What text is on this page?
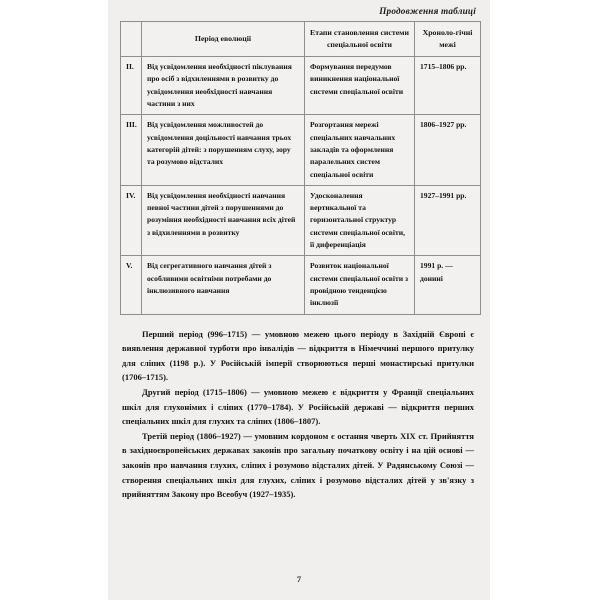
Продовження таблиці
	Період еволюції	Етапи становлення системи спеціальної освіти	Хроноло-гічні межі
II.	Від усвідомлення необхідності піклування про осіб з відхиленнями в розвитку до усвідомлення необхідності навчання частини з них	Формування передумов виникнення національної системи спеціальної освіти	1715–1806 рр.
III.	Від усвідомлення можливостей до усвідомлення доцільності навчання трьох категорій дітей: з порушенням слуху, зору та розумово відсталих	Розгортання мережі спеціальних навчальних закладів та оформлення паралельних систем спеціальної освіти	1806–1927 рр.
IV.	Від усвідомлення необхідності навчання певної частини дітей з порушеннями до розуміння необхідності навчання всіх дітей з відхиленнями в розвитку	Удосконалення вертикальної та горизонтальної структур системи спеціальної освіти, її диференціація	1927–1991 рр.
V.	Від сегрегативного навчання дітей з особливими освітніми потребами до інклюзивного навчання	Розвиток національної системи спеціальної освіти з провідною тенденцією інклюзії	1991 р. — донині

Перший період (996–1715) — умовною межею цього періоду в Західній Європі є виявлення державної турботи про інвалідів — відкриття в Німеччині першого притулку для сліпих (1198 р.). У Російській імперії створюються перші монастирські притулки (1706–1715).

Другий період (1715–1806) — умовною межею є відкриття у Франції спеціальних шкіл для глухонімих і сліпих (1770–1784). У Російській державі — відкриття перших спеціальних шкіл для глухих та сліпих (1806–1807).

Третій період (1806–1927) — умовним кордоном є остання чверть XIX ст. Прийняття в західноєвропейських державах законів про загальну початкову освіту і на цій основі — законів про навчання глухих, сліпих і розумово відсталих дітей. У Радянському Союзі — створення спеціальних шкіл для глухих, сліпих і розумово відсталих дітей у зв'язку з прийняттям Закону про Всеобуч (1927–1935).

7
